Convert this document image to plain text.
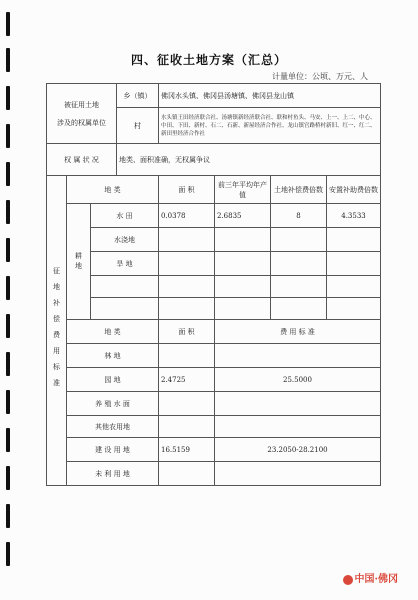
四、征收土地方案（汇总）
计量单位：公顷、万元、人
被征用土地
涉及的权属单位			乡（镇）	佛冈水头镇、佛冈县汤塘镇、佛冈县龙山镇			
			村	水头镇王田经济联合社、汤塘镇新经济联合社、联和村鱼头、马安、上一、上二、中心、中田、下田、新村、石二、石新、新屋经济合作社、龙山镇官路桥村新旧、红一、红二、新田里经济合作社			
权 属 状 况			地类、面积准确，无权属争议				
征地补偿费用标准	地 类			面 积	前三年平均年产值	土地补偿费倍数	安置补助费倍数
	耕地	水 田		0.0378	2.6835	8	4.3533
		水浇地					
		旱 地					

	地 类			面 积	费 用 标 准		
	林 地						
	园 地			2.4725	25.5000		
	养 殖 水 面						
	其他农用地						
	建 设 用 地			16.5159	23.2050-28.2100		
	未 利 用 地						
中国·佛冈
